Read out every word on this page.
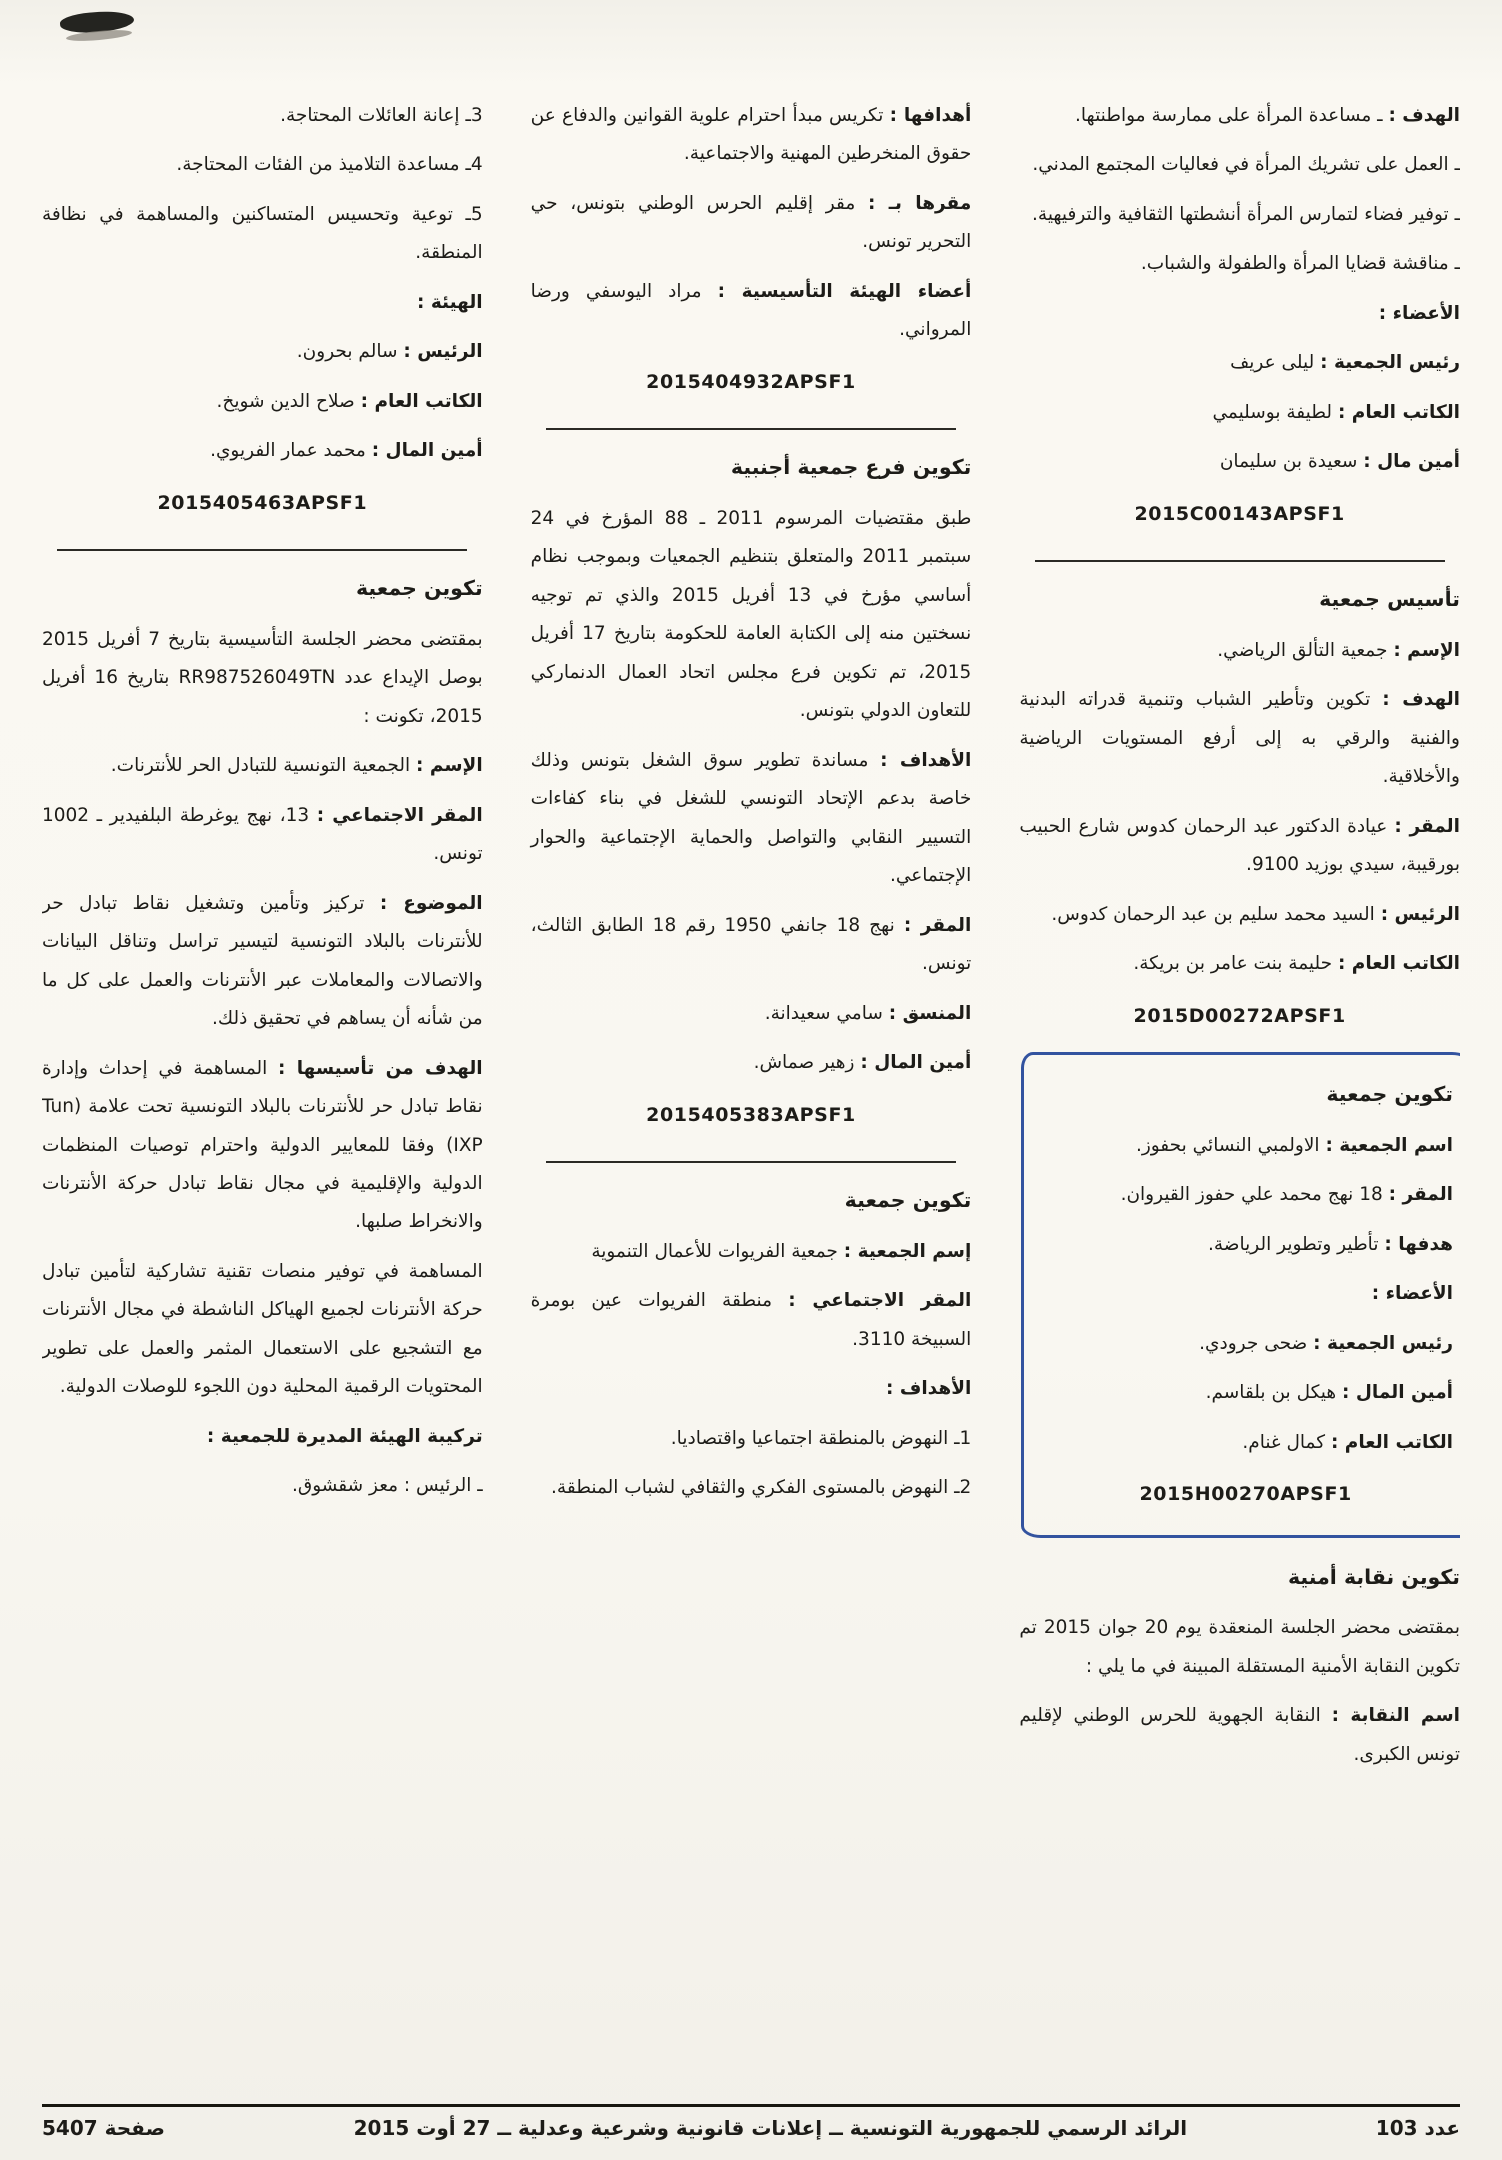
الهدف : ـ مساعدة المرأة على ممارسة مواطنتها.

ـ العمل على تشريك المرأة في فعاليات المجتمع المدني.

ـ توفير فضاء لتمارس المرأة أنشطتها الثقافية والترفيهية.

ـ مناقشة قضايا المرأة والطفولة والشباب.

الأعضاء :

رئيس الجمعية : ليلى عريف

الكاتب العام : لطيفة بوسليمي

أمين مال : سعيدة بن سليمان

2015C00143APSF1
تأسيس جمعية

الإسم : جمعية التألق الرياضي.

الهدف : تكوين وتأطير الشباب وتنمية قدراته البدنية والفنية والرقي به إلى أرفع المستويات الرياضية والأخلاقية.

المقر : عيادة الدكتور عبد الرحمان كدوس شارع الحبيب بورقيبة، سيدي بوزيد 9100.

الرئيس : السيد محمد سليم بن عبد الرحمان كدوس.

الكاتب العام : حليمة بنت عامر بن بريكة.

2015D00272APSF1
تكوين جمعية

اسم الجمعية : الاولمبي النسائي بحفوز.

المقر : 18 نهج محمد علي حفوز القيروان.

هدفها : تأطير وتطوير الرياضة.

الأعضاء :

رئيس الجمعية : ضحى جرودي.

أمين المال : هيكل بن بلقاسم.

الكاتب العام : كمال غنام.

2015H00270APSF1
تكوين نقابة أمنية

بمقتضى محضر الجلسة المنعقدة يوم 20 جوان 2015 تم تكوين النقابة الأمنية المستقلة المبينة في ما يلي :

اسم النقابة : النقابة الجهوية للحرس الوطني لإقليم تونس الكبرى.

أهدافها : تكريس مبدأ احترام علوية القوانين والدفاع عن حقوق المنخرطين المهنية والاجتماعية.

مقرها بـ : مقر إقليم الحرس الوطني بتونس، حي التحرير تونس.

أعضاء الهيئة التأسيسية : مراد اليوسفي ورضا المرواني.

2015404932APSF1
تكوين فرع جمعية أجنبية

طبق مقتضيات المرسوم 2011 ـ 88 المؤرخ في 24 سبتمبر 2011 والمتعلق بتنظيم الجمعيات وبموجب نظام أساسي مؤرخ في 13 أفريل 2015 والذي تم توجيه نسختين منه إلى الكتابة العامة للحكومة بتاريخ 17 أفريل 2015، تم تكوين فرع مجلس اتحاد العمال الدنماركي للتعاون الدولي بتونس.

الأهداف : مساندة تطوير سوق الشغل بتونس وذلك خاصة بدعم الإتحاد التونسي للشغل في بناء كفاءات التسيير النقابي والتواصل والحماية الإجتماعية والحوار الإجتماعي.

المقر : نهج 18 جانفي 1950 رقم 18 الطابق الثالث، تونس.

المنسق : سامي سعيدانة.

أمين المال : زهير صماش.

2015405383APSF1
تكوين جمعية

إسم الجمعية : جمعية الفريوات للأعمال التنموية

المقر الاجتماعي : منطقة الفريوات عين بومرة السبيخة 3110.

الأهداف :

1ـ النهوض بالمنطقة اجتماعيا واقتصاديا.

2ـ النهوض بالمستوى الفكري والثقافي لشباب المنطقة.

3ـ إعانة العائلات المحتاجة.

4ـ مساعدة التلاميذ من الفئات المحتاجة.

5ـ توعية وتحسيس المتساكنين والمساهمة في نظافة المنطقة.

الهيئة :

الرئيس : سالم بحرون.

الكاتب العام : صلاح الدين شويخ.

أمين المال : محمد عمار الفريوي.

2015405463APSF1
تكوين جمعية

بمقتضى محضر الجلسة التأسيسية بتاريخ 7 أفريل 2015 بوصل الإيداع عدد RR987526049TN بتاريخ 16 أفريل 2015، تكونت :

الإسم : الجمعية التونسية للتبادل الحر للأنترنات.

المقر الاجتماعي : 13، نهج يوغرطة البلفيدير ـ 1002 تونس.

الموضوع : تركيز وتأمين وتشغيل نقاط تبادل حر للأنترنات بالبلاد التونسية لتيسير تراسل وتناقل البيانات والاتصالات والمعاملات عبر الأنترنات والعمل على كل ما من شأنه أن يساهم في تحقيق ذلك.

الهدف من تأسيسها : المساهمة في إحداث وإدارة نقاط تبادل حر للأنترنات بالبلاد التونسية تحت علامة (Tun IXP) وفقا للمعايير الدولية واحترام توصيات المنظمات الدولية والإقليمية في مجال نقاط تبادل حركة الأنترنات والانخراط صلبها.

المساهمة في توفير منصات تقنية تشاركية لتأمين تبادل حركة الأنترنات لجميع الهياكل الناشطة في مجال الأنترنات مع التشجيع على الاستعمال المثمر والعمل على تطوير المحتويات الرقمية المحلية دون اللجوء للوصلات الدولية.

تركيبة الهيئة المديرة للجمعية :

ـ الرئيس : معز شقشوق.

عدد 103
الرائد الرسمي للجمهورية التونسية ــ إعلانات قانونية وشرعية وعدلية ــ 27 أوت 2015
صفحة 5407
